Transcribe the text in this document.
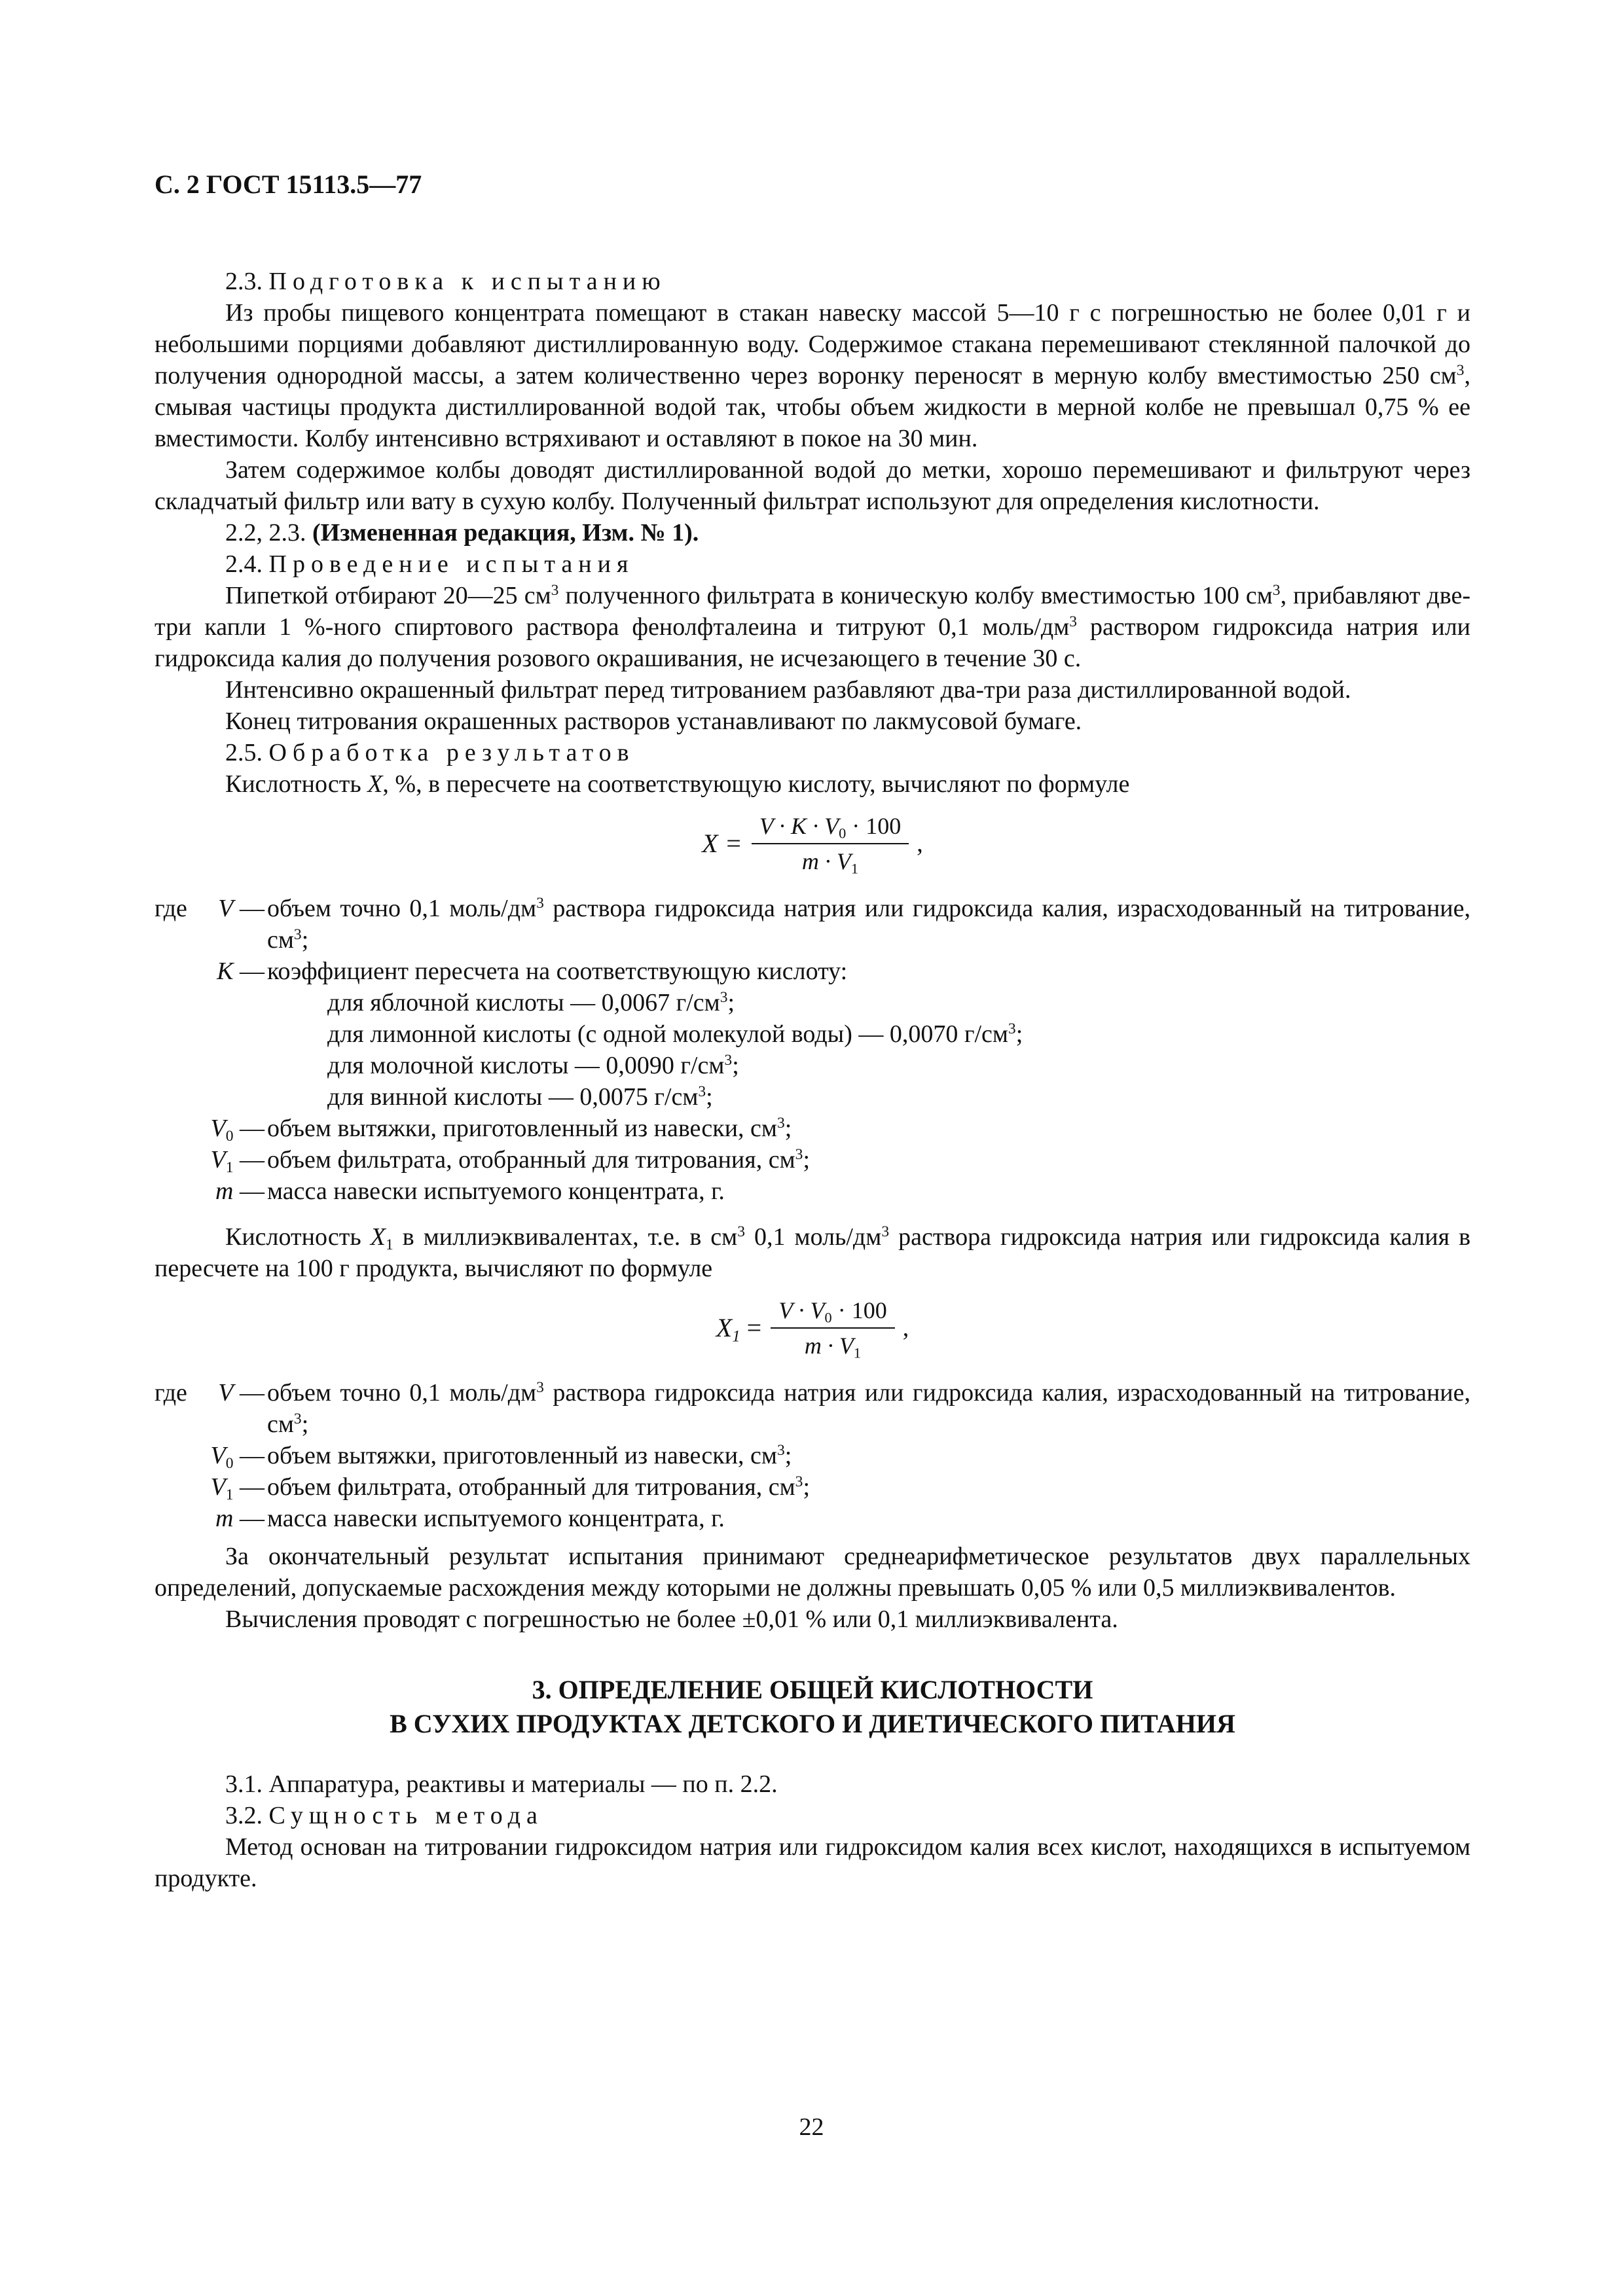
С. 2 ГОСТ 15113.5—77

2.3. Подготовка к испытанию

Из пробы пищевого концентрата помещают в стакан навеску массой 5—10 г с погрешностью не более 0,01 г и небольшими порциями добавляют дистиллированную воду. Содержимое стакана перемешивают стеклянной палочкой до получения однородной массы, а затем количественно через воронку переносят в мерную колбу вместимостью 250 $см^3$, смывая частицы продукта дистиллированной водой так, чтобы объем жидкости в мерной колбе не превышал 0,75 % ее вместимости. Колбу интенсивно встряхивают и оставляют в покое на 30 мин.

Затем содержимое колбы доводят дистиллированной водой до метки, хорошо перемешивают и фильтруют через складчатый фильтр или вату в сухую колбу. Полученный фильтрат используют для определения кислотности.

2.2, 2.3. (Измененная редакция, Изм. № 1).

2.4. Проведение испытания

Пипеткой отбирают 20—25 $см^3$ полученного фильтрата в коническую колбу вместимостью 100 $см^3$, прибавляют две-три капли 1 %-ного спиртового раствора фенолфталеина и титруют 0,1 моль/$дм^3$ раствором гидроксида натрия или гидроксида калия до получения розового окрашивания, не исчезающего в течение 30 с.

Интенсивно окрашенный фильтрат перед титрованием разбавляют два-три раза дистиллированной водой.

Конец титрования окрашенных растворов устанавливают по лакмусовой бумаге.

2.5. Обработка результатов

Кислотность X, %, в пересчете на соответствующую кислоту, вычисляют по формуле

$X = \frac{V \cdot K \cdot V_0 \cdot 100}{m \cdot V_1}$ ,
где V — объем точно 0,1 моль/$дм^3$ раствора гидроксида натрия или гидроксида калия, израсходованный на титрование, $см^3$;
K — коэффициент пересчета на соответствующую кислоту:
для яблочной кислоты — 0,0067 $г/см^3$;
для лимонной кислоты (с одной молекулой воды) — 0,0070 $г/см^3$;
для молочной кислоты — 0,0090 $г/см^3$;
для винной кислоты — 0,0075 $г/см^3$;
$V_0$ — объем вытяжки, приготовленный из навески, $см^3$;
$V_1$ — объем фильтрата, отобранный для титрования, $см^3$;
m — масса навески испытуемого концентрата, г.

Кислотность $X_1$ в миллиэквивалентах, т.е. в $см^3$ 0,1 моль/$дм^3$ раствора гидроксида натрия или гидроксида калия в пересчете на 100 г продукта, вычисляют по формуле

$X_1 = \frac{V \cdot V_0 \cdot 100}{m \cdot V_1}$ ,
где V — объем точно 0,1 моль/$дм^3$ раствора гидроксида натрия или гидроксида калия, израсходованный на титрование, $см^3$;
$V_0$ — объем вытяжки, приготовленный из навески, $см^3$;
$V_1$ — объем фильтрата, отобранный для титрования, $см^3$;
m — масса навески испытуемого концентрата, г.

За окончательный результат испытания принимают среднеарифметическое результатов двух параллельных определений, допускаемые расхождения между которыми не должны превышать 0,05 % или 0,5 миллиэквивалентов.

Вычисления проводят с погрешностью не более ±0,01 % или 0,1 миллиэквивалента.

3. ОПРЕДЕЛЕНИЕ ОБЩЕЙ КИСЛОТНОСТИ
В СУХИХ ПРОДУКТАХ ДЕТСКОГО И ДИЕТИЧЕСКОГО ПИТАНИЯ

3.1. Аппаратура, реактивы и материалы — по п. 2.2.

3.2. Сущность метода

Метод основан на титровании гидроксидом натрия или гидроксидом калия всех кислот, находящихся в испытуемом продукте.

22
